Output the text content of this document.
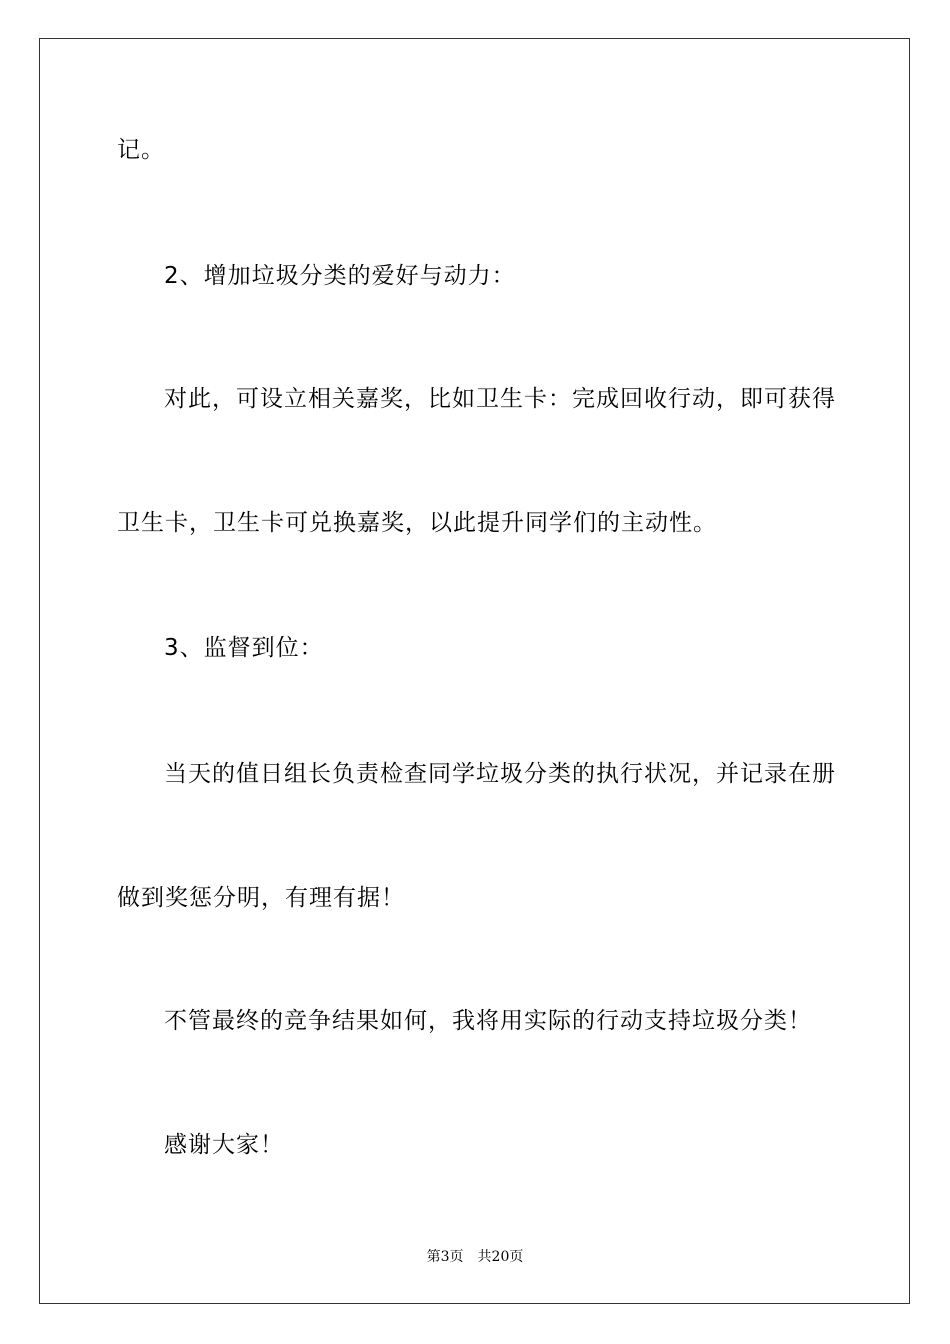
记。
2、增加垃圾分类的爱好与动力：
对此，可设立相关嘉奖，比如卫生卡：完成回收行动，即可获得
卫生卡，卫生卡可兑换嘉奖，以此提升同学们的主动性。
3、监督到位：
当天的值日组长负责检查同学垃圾分类的执行状况，并记录在册
做到奖惩分明，有理有据！
不管最终的竞争结果如何，我将用实际的行动支持垃圾分类！
感谢大家！
第3页　共20页
